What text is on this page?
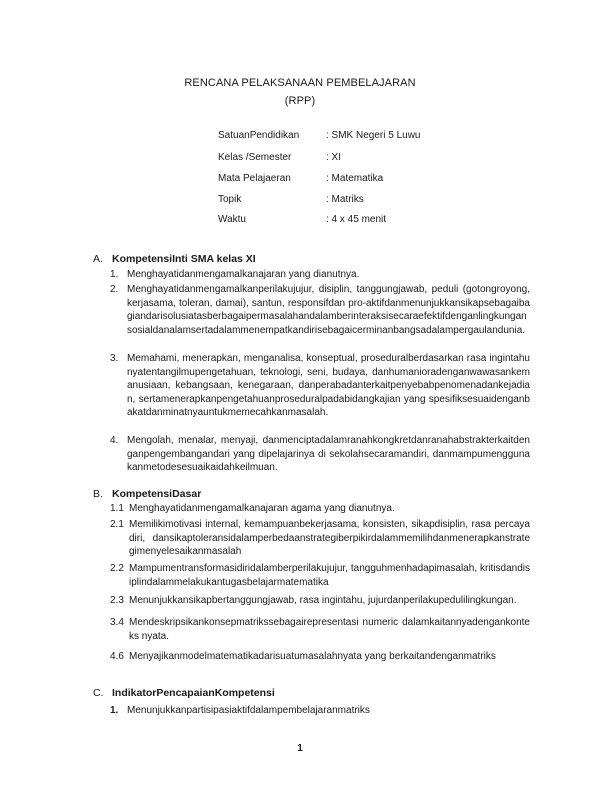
RENCANA PELAKSANAAN PEMBELAJARAN
(RPP)
SatuanPendidikan	: SMK Negeri 5 Luwu
Kelas /Semester	: XI
Mata Pelajaeran	: Matematika
Topik	: Matriks
Waktu	: 4 x 45 menit
A. KompetensiInti SMA kelas XI
1. Menghayatidanmengamalkanajaran yang dianutnya.
2. Menghayatidanmengamalkanperilakujujur, disiplin, tanggungjawab, peduli (gotongroyong, kerjasama, toleran, damai), santun, responsifdan pro-aktifdanmenunjukkansikapsebagaibagiandarisolusiatasberbagaipermasalahandalamberinteraksisecaraefektifdenganlingkungansosialdanalamsertadalammenempatkandirisebagaicerminanbangsadalampergaulandunia.
3. Memahami, menerapkan, menganalisa, konseptual, proseduralberdasarkan rasa ingintahunyatentangilmupengetahuan, teknologi, seni, budaya, danhumanioradenganwawasankemanusiaan, kebangsaan, kenegaraan, danperabadanterkaitpenyebabpenomenadankejadian, sertamenerapkanpengetahuanproseduralpadabidangkajian yang spesifiksesuaidenganbakatdanminatnyauntukmemecahkanmasalah.
4. Mengolah, menalar, menyaji, danmenciptadalamranahkongkretdanranahabstrakterkaitdenganpengembangandari yang dipelajarinya di sekolahsecaramandiri, danmampumenggunakanmetodesesuaikaidahkeilmuan.
B. KompetensiDasar
1.1 Menghayatidanmengamalkanajaran agama yang dianutnya.
2.1 Memilikimotivasi internal, kemampuanbekerjasama, konsisten, sikapdisiplin, rasa percayadiri, dansikaptoleransidalamperbedaanstrategiberpikirdalammemilihdanmenerapkanstrategimenyelesaikanmasalah
2.2 Mampumentransformasidiridalamberperilakujujur, tangguhmenhadapimasalah, kritisdandisiplindalammelakukantugasbelajarmatematika
2.3 Menunjukkansikapbertanggungjawab, rasa ingintahu, jujurdanperilakupedulilingkungan.
3.4 Mendeskripsikankonsepmatrikssebagairepresentasi numeric dalamkaitannyadengankonteks nyata.
4.6 Menyajikanmodelmatematikadarisuatumasalahnyata yang berkaitandenganmatriks
C. IndikatorPencapaianKompetensi
1. Menunjukkanpartisipasiaktifdalampembelajaranmatriks
1
